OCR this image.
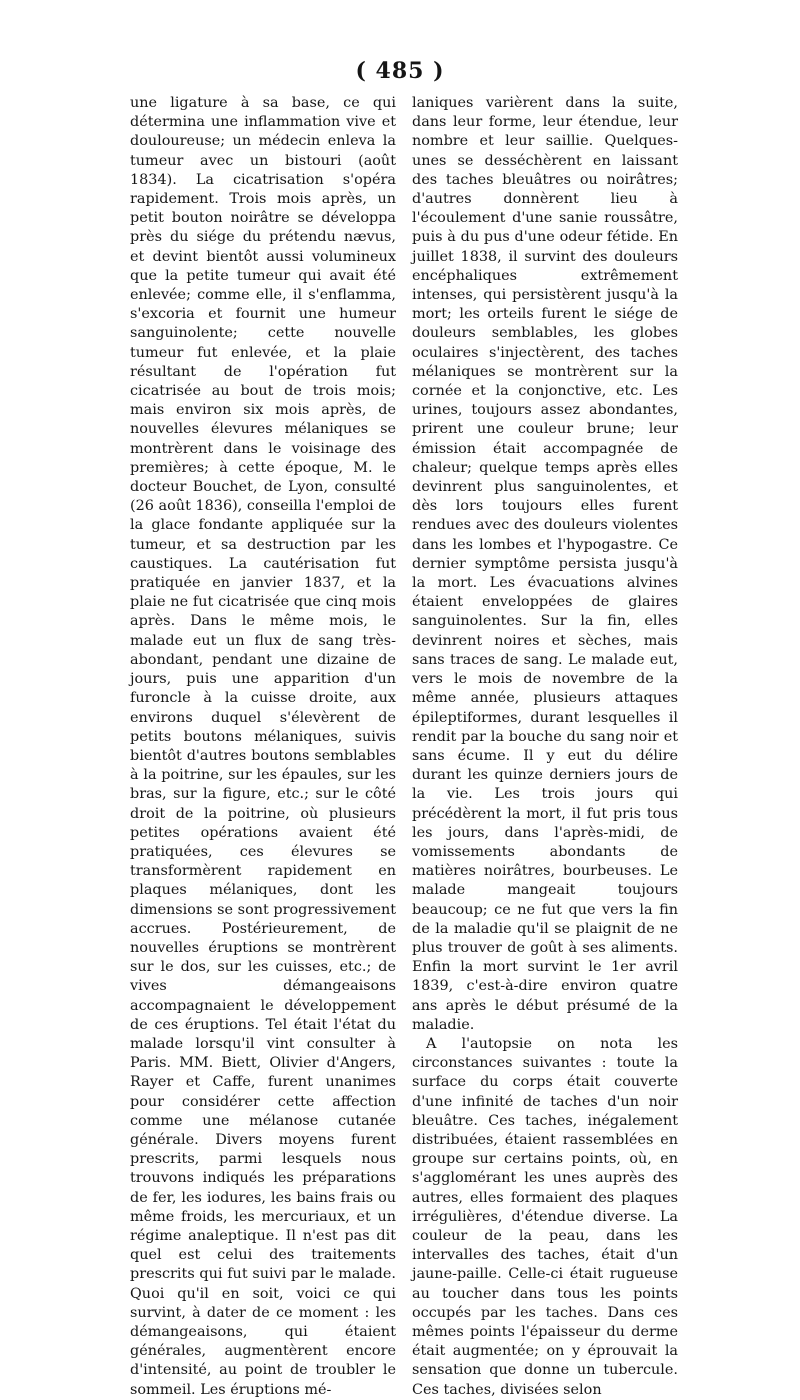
( 485 )

une ligature à sa base, ce qui détermina une inflammation vive et douloureuse; un médecin enleva la tumeur avec un bistouri (août 1834). La cicatrisation s'opéra rapidement. Trois mois après, un petit bouton noirâtre se développa près du siége du prétendu nævus, et devint bientôt aussi volumineux que la petite tumeur qui avait été enlevée; comme elle, il s'enflamma, s'excoria et fournit une humeur sanguinolente; cette nouvelle tumeur fut enlevée, et la plaie résultant de l'opération fut cicatrisée au bout de trois mois; mais environ six mois après, de nouvelles élevures mélaniques se montrèrent dans le voisinage des premières; à cette époque, M. le docteur Bouchet, de Lyon, consulté (26 août 1836), conseilla l'emploi de la glace fondante appliquée sur la tumeur, et sa destruction par les caustiques. La cautérisation fut pratiquée en janvier 1837, et la plaie ne fut cicatrisée que cinq mois après. Dans le même mois, le malade eut un flux de sang très-abondant, pendant une dizaine de jours, puis une apparition d'un furoncle à la cuisse droite, aux environs duquel s'élevèrent de petits boutons mélaniques, suivis bientôt d'autres boutons semblables à la poitrine, sur les épaules, sur les bras, sur la figure, etc.; sur le côté droit de la poitrine, où plusieurs petites opérations avaient été pratiquées, ces élevures se transformèrent rapidement en plaques mélaniques, dont les dimensions se sont progressivement accrues. Postérieurement, de nouvelles éruptions se montrèrent sur le dos, sur les cuisses, etc.; de vives démangeaisons accompagnaient le développement de ces éruptions. Tel était l'état du malade lorsqu'il vint consulter à Paris. MM. Biett, Olivier d'Angers, Rayer et Caffe, furent unanimes pour considérer cette affection comme une mélanose cutanée générale. Divers moyens furent prescrits, parmi lesquels nous trouvons indiqués les préparations de fer, les iodures, les bains frais ou même froids, les mercuriaux, et un régime analeptique. Il n'est pas dit quel est celui des traitements prescrits qui fut suivi par le malade. Quoi qu'il en soit, voici ce qui survint, à dater de ce moment : les démangeaisons, qui étaient générales, augmentèrent encore d'intensité, au point de troubler le sommeil. Les éruptions mé-

laniques varièrent dans la suite, dans leur forme, leur étendue, leur nombre et leur saillie. Quelques-unes se desséchèrent en laissant des taches bleuâtres ou noirâtres; d'autres donnèrent lieu à l'écoulement d'une sanie roussâtre, puis à du pus d'une odeur fétide. En juillet 1838, il survint des douleurs encéphaliques extrêmement intenses, qui persistèrent jusqu'à la mort; les orteils furent le siége de douleurs semblables, les globes oculaires s'injectèrent, des taches mélaniques se montrèrent sur la cornée et la conjonctive, etc. Les urines, toujours assez abondantes, prirent une couleur brune; leur émission était accompagnée de chaleur; quelque temps après elles devinrent plus sanguinolentes, et dès lors toujours elles furent rendues avec des douleurs violentes dans les lombes et l'hypogastre. Ce dernier symptôme persista jusqu'à la mort. Les évacuations alvines étaient enveloppées de glaires sanguinolentes. Sur la fin, elles devinrent noires et sèches, mais sans traces de sang. Le malade eut, vers le mois de novembre de la même année, plusieurs attaques épileptiformes, durant lesquelles il rendit par la bouche du sang noir et sans écume. Il y eut du délire durant les quinze derniers jours de la vie. Les trois jours qui précédèrent la mort, il fut pris tous les jours, dans l'après-midi, de vomissements abondants de matières noirâtres, bourbeuses. Le malade mangeait toujours beaucoup; ce ne fut que vers la fin de la maladie qu'il se plaignit de ne plus trouver de goût à ses aliments. Enfin la mort survint le 1er avril 1839, c'est-à-dire environ quatre ans après le début présumé de la maladie.

A l'autopsie on nota les circonstances suivantes : toute la surface du corps était couverte d'une infinité de taches d'un noir bleuâtre. Ces taches, inégalement distribuées, étaient rassemblées en groupe sur certains points, où, en s'agglomérant les unes auprès des autres, elles formaient des plaques irrégulières, d'étendue diverse. La couleur de la peau, dans les intervalles des taches, était d'un jaune-paille. Celle-ci était rugueuse au toucher dans tous les points occupés par les taches. Dans ces mêmes points l'épaisseur du derme était augmentée; on y éprouvait la sensation que donne un tubercule. Ces taches, divisées selon
